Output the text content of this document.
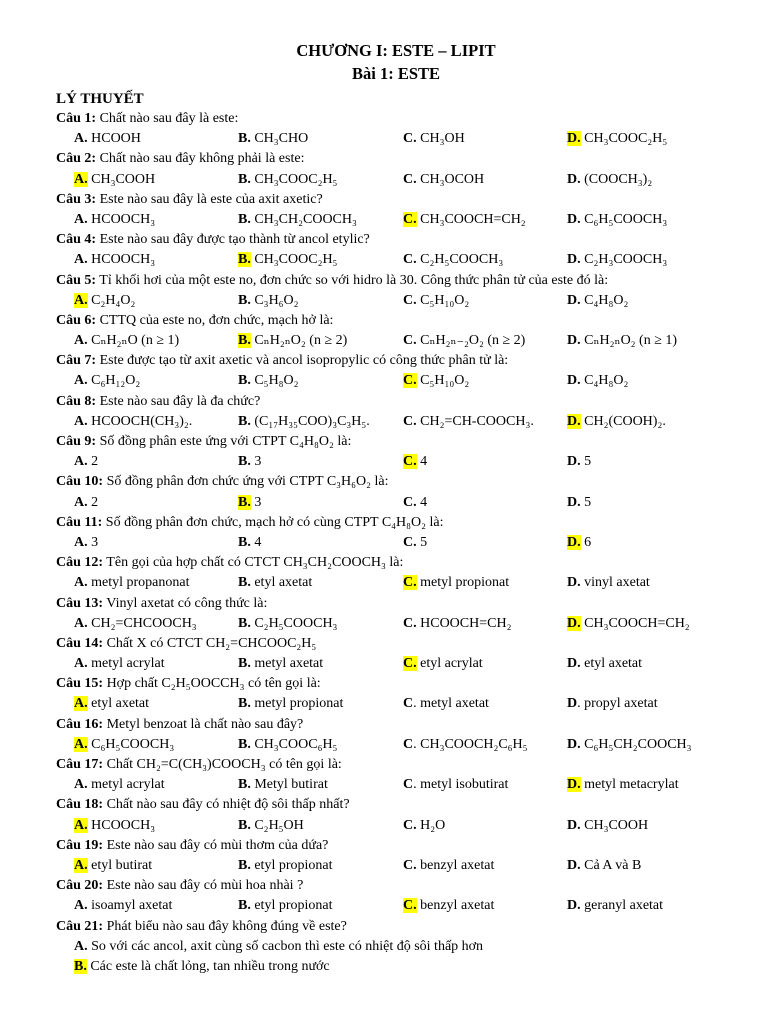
CHƯƠNG I: ESTE – LIPIT
Bài 1: ESTE
LÝ THUYẾT
Câu 1: Chất nào sau đây là este:
A. HCOOH	B. CH₃CHO	C. CH₃OH	D. CH₃COOC₂H₅
Câu 2: Chất nào sau đây không phải là este:
A. CH₃COOH	B. CH₃COOC₂H₅	C. CH₃OCOH	D. (COOCH₃)₂
Câu 3: Este nào sau đây là este của axit axetic?
A. HCOOCH₃	B. CH₃CH₂COOCH₃	C. CH₃COOCH=CH₂	D. C₆H₅COOCH₃
Câu 4: Este nào sau đây được tạo thành từ ancol etylic?
A. HCOOCH₃	B. CH₃COOC₂H₅	C. C₂H₅COOCH₃	D. C₂H₃COOCH₃
Câu 5: Tỉ khối hơi của một este no, đơn chức so với hidro là 30. Công thức phân tử của este đó là:
A. C₂H₄O₂	B. C₃H₆O₂	C. C₅H₁₀O₂	D. C₄H₈O₂
Câu 6: CTTQ của este no, đơn chức, mạch hở là:
A. CₙH₂ₙO (n ≥ 1)	B. CₙH₂ₙO₂ (n ≥ 2)	C. CₙH₂ₙ₋₂O₂ (n ≥ 2)	D. CₙH₂ₙO₂ (n ≥ 1)
Câu 7: Este được tạo từ axit axetic và ancol isopropylic có công thức phân tử là:
A. C₆H₁₂O₂	B. C₅H₈O₂	C. C₅H₁₀O₂	D. C₄H₈O₂
Câu 8: Este nào sau đây là đa chức?
A. HCOOCH(CH₃)₂.	B. (C₁₇H₃₅COO)₃C₃H₅. C. CH₂=CH-COOCH₃. D. CH₂(COOH)₂.
Câu 9: Số đồng phân este ứng với CTPT C₄H₈O₂ là:
A. 2	B. 3	C. 4	D. 5
Câu 10: Số đồng phân đơn chức ứng với CTPT C₃H₆O₂ là:
A. 2	B. 3	C. 4	D. 5
Câu 11: Số đồng phân đơn chức, mạch hở có cùng CTPT C₄H₈O₂ là:
A. 3	B. 4	C. 5	D. 6
Câu 12: Tên gọi của hợp chất có CTCT CH₃CH₂COOCH₃ là:
A. metyl propanonat	B. etyl axetat	C. metyl propionat	D. vinyl axetat
Câu 13: Vinyl axetat có công thức là:
A. CH₂=CHCOOCH₃	B. C₂H₅COOCH₃	C. HCOOCH=CH₂	D. CH₃COOCH=CH₂
Câu 14: Chất X có CTCT CH₂=CHCOOC₂H₅
A. metyl acrylat	B. metyl axetat	C. etyl acrylat	D. etyl axetat
Câu 15: Hợp chất C₂H₅OOCCH₃ có tên gọi là:
A. etyl axetat	B. metyl propionat	C. metyl axetat	D. propyl axetat
Câu 16: Metyl benzoat là chất nào sau đây?
A. C₆H₅COOCH₃	B. CH₃COOC₆H₅	C. CH₃COOCH₂C₆H₅	D. C₆H₅CH₂COOCH₃
Câu 17: Chất CH₂=C(CH₃)COOCH₃ có tên gọi là:
A. metyl acrylat	B. Metyl butirat	C. metyl isobutirat	D. metyl metacrylat
Câu 18: Chất nào sau đây có nhiệt độ sôi thấp nhất?
A. HCOOCH₃	B. C₂H₅OH	C. H₂O	D. CH₃COOH
Câu 19: Este nào sau đây có mùi thơm của dứa?
A. etyl butirat	B. etyl propionat	C. benzyl axetat	D. Cả A và B
Câu 20: Este nào sau đây có mùi hoa nhài ?
A. isoamyl axetat	B. etyl propionat	C. benzyl axetat	D. geranyl axetat
Câu 21: Phát biểu nào sau đây không đúng về este?
A. So với các ancol, axit cùng số cacbon thì este có nhiệt độ sôi thấp hơn
B. Các este là chất lỏng, tan nhiều trong nước
